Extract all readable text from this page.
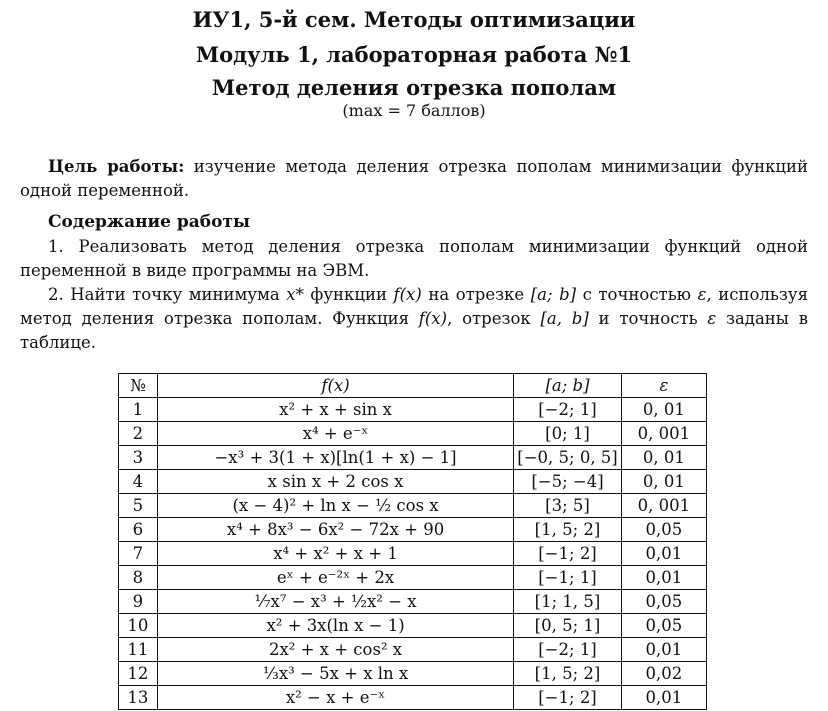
ИУ1, 5-й сем. Методы оптимизации
Модуль 1, лабораторная работа №1
Метод деления отрезка пополам
(max = 7 баллов)
Цель работы: изучение метода деления отрезка пополам минимизации функций одной переменной.
Содержание работы
1. Реализовать метод деления отрезка пополам минимизации функций одной переменной в виде программы на ЭВМ.
2. Найти точку минимума x* функции f(x) на отрезке [a; b] с точностью ε, используя метод деления отрезка пополам. Функция f(x), отрезок [a, b] и точность ε заданы в таблице.
№	f(x)	[a; b]	ε
1	x² + x + sin x	[−2; 1]	0, 01
2	x⁴ + e⁻ˣ	[0; 1]	0, 001
3	−x³ + 3(1 + x)[ln(1 + x) − 1]	[−0, 5; 0, 5]	0, 01
4	x sin x + 2 cos x	[−5; −4]	0, 01
5	(x − 4)² + ln x − ½ cos x	[3; 5]	0, 001
6	x⁴ + 8x³ − 6x² − 72x + 90	[1, 5; 2]	0,05
7	x⁴ + x² + x + 1	[−1; 2]	0,01
8	eˣ + e⁻²ˣ + 2x	[−1; 1]	0,01
9	⅐x⁷ − x³ + ½x² − x	[1; 1, 5]	0,05
10	x² + 3x(ln x − 1)	[0, 5; 1]	0,05
11	2x² + x + cos² x	[−2; 1]	0,01
12	⅓x³ − 5x + x ln x	[1, 5; 2]	0,02
13	x² − x + e⁻ˣ	[−1; 2]	0,01
